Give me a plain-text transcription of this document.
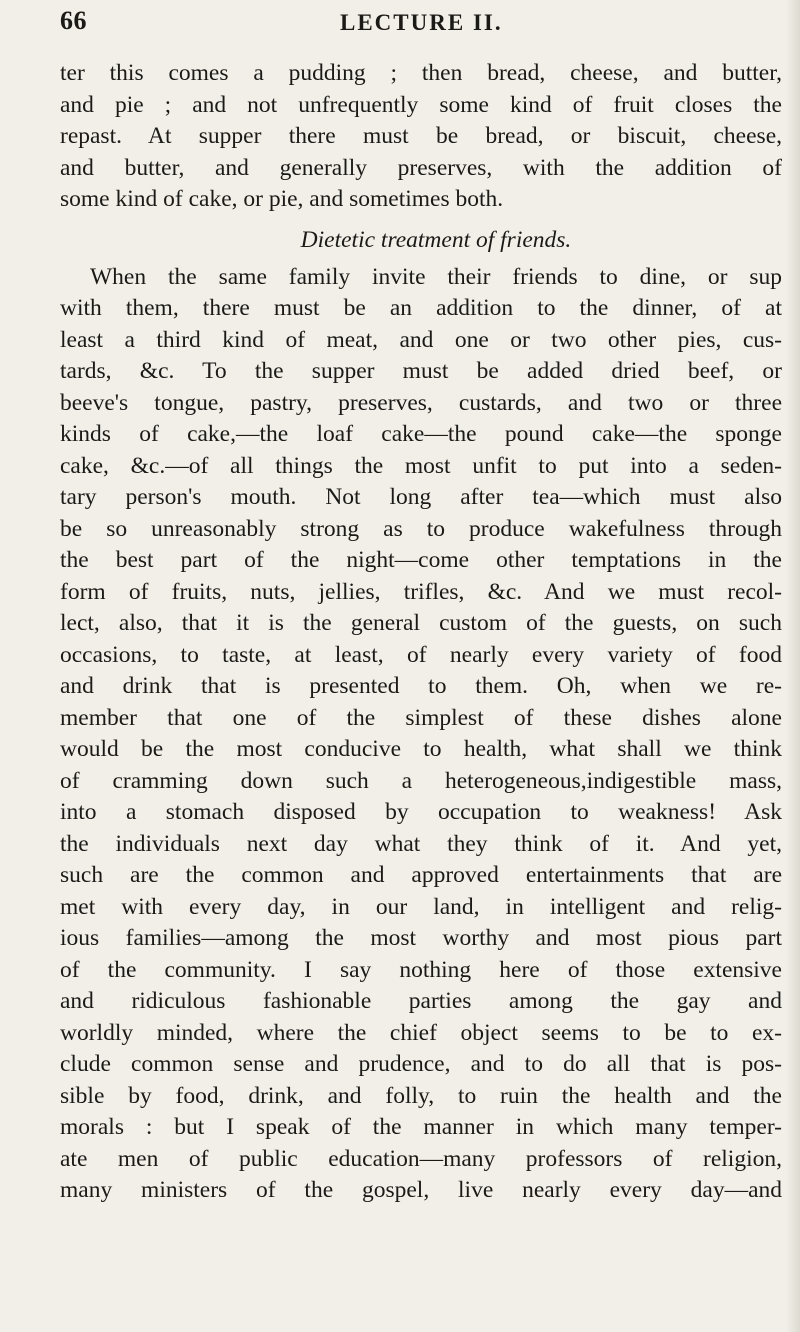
66	LECTURE II.
ter this comes a pudding ; then bread, cheese, and butter,
and pie ; and not unfrequently some kind of fruit closes the
repast. At supper there must be bread, or biscuit, cheese,
and butter, and generally preserves, with the addition of
some kind of cake, or pie, and sometimes both.
Dietetic treatment of friends.
When the same family invite their friends to dine, or sup
with them, there must be an addition to the dinner, of at
least a third kind of meat, and one or two other pies, cus-
tards, &c. To the supper must be added dried beef, or
beeve's tongue, pastry, preserves, custards, and two or three
kinds of cake,—the loaf cake—the pound cake—the sponge
cake, &c.—of all things the most unfit to put into a seden-
tary person's mouth. Not long after tea—which must also
be so unreasonably strong as to produce wakefulness through
the best part of the night—come other temptations in the
form of fruits, nuts, jellies, trifles, &c. And we must recol-
lect, also, that it is the general custom of the guests, on such
occasions, to taste, at least, of nearly every variety of food
and drink that is presented to them. Oh, when we re-
member that one of the simplest of these dishes alone
would be the most conducive to health, what shall we think
of cramming down such a heterogeneous,indigestible mass,
into a stomach disposed by occupation to weakness! Ask
the individuals next day what they think of it. And yet,
such are the common and approved entertainments that are
met with every day, in our land, in intelligent and relig-
ious families—among the most worthy and most pious part
of the community. I say nothing here of those extensive
and ridiculous fashionable parties among the gay and
worldly minded, where the chief object seems to be to ex-
clude common sense and prudence, and to do all that is pos-
sible by food, drink, and folly, to ruin the health and the
morals : but I speak of the manner in which many temper-
ate men of public education—many professors of religion,
many ministers of the gospel, live nearly every day—and
